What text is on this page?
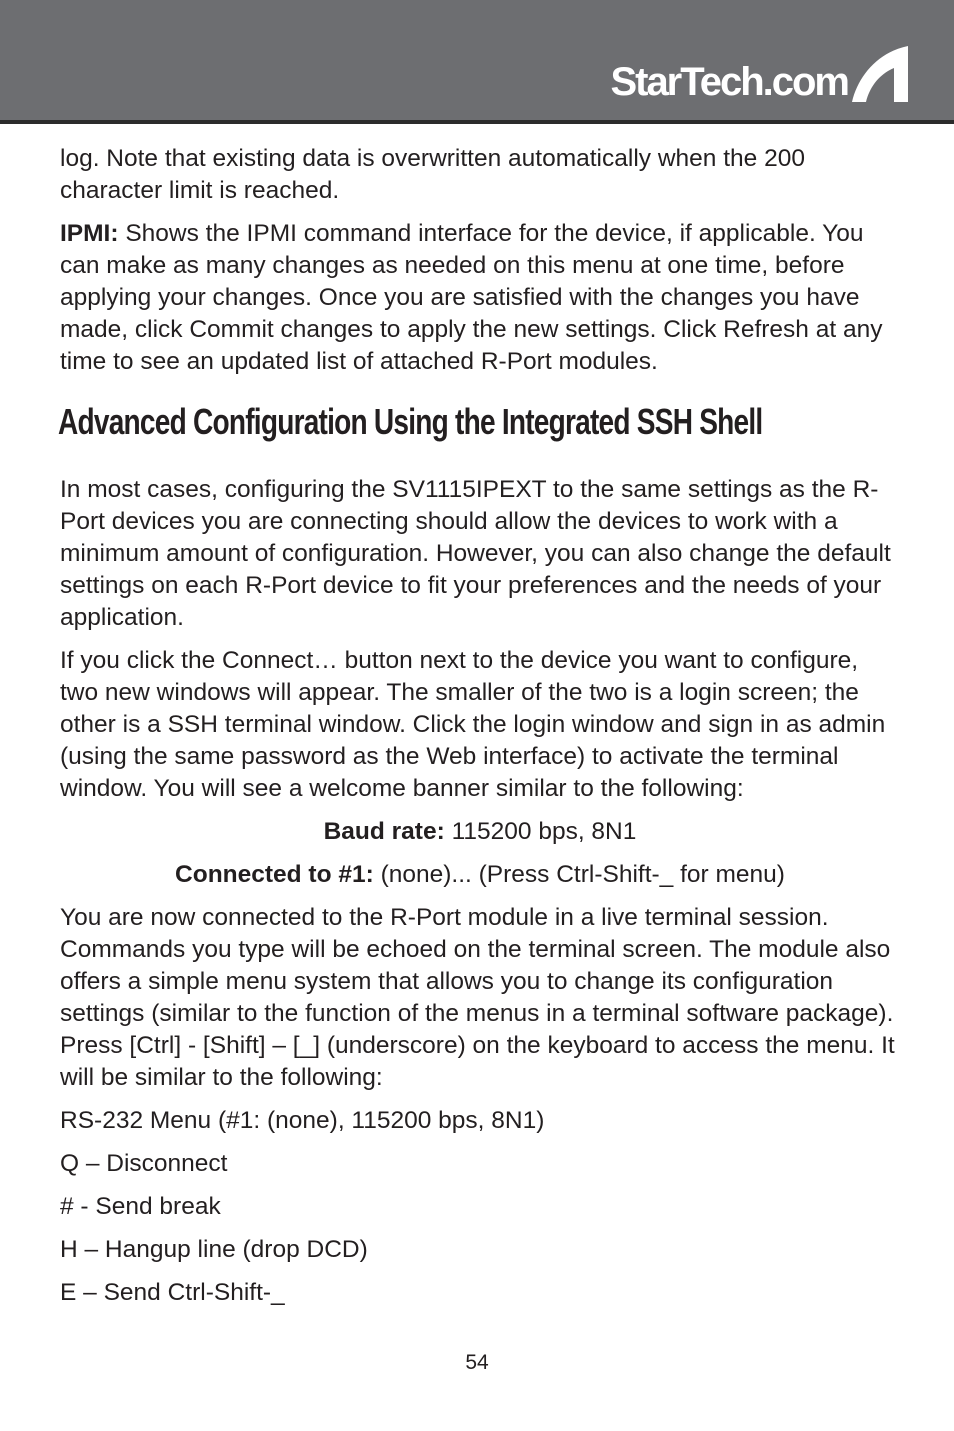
StarTech.com

log. Note that existing data is overwritten automatically when the 200 character limit is reached.

IPMI: Shows the IPMI command interface for the device, if applicable. You can make as many changes as needed on this menu at one time, before applying your changes. Once you are satisfied with the changes you have made, click Commit changes to apply the new settings. Click Refresh at any time to see an updated list of attached R-Port modules.

Advanced Configuration Using the Integrated SSH Shell

In most cases, configuring the SV1115IPEXT to the same settings as the R-Port devices you are connecting should allow the devices to work with a minimum amount of configuration. However, you can also change the default settings on each R-Port device to fit your preferences and the needs of your application.

If you click the Connect… button next to the device you want to configure, two new windows will appear. The smaller of the two is a login screen; the other is a SSH terminal window. Click the login window and sign in as admin (using the same password as the Web interface) to activate the terminal window. You will see a welcome banner similar to the following:

Baud rate: 115200 bps, 8N1

Connected to #1: (none)... (Press Ctrl-Shift-_ for menu)

You are now connected to the R-Port module in a live terminal session. Commands you type will be echoed on the terminal screen. The module also offers a simple menu system that allows you to change its configuration settings (similar to the function of the menus in a terminal software package). Press [Ctrl] - [Shift] – [_] (underscore) on the keyboard to access the menu. It will be similar to the following:

RS-232 Menu (#1: (none), 115200 bps, 8N1)

Q – Disconnect

# - Send break

H – Hangup line (drop DCD)

E – Send Ctrl-Shift-_

54
